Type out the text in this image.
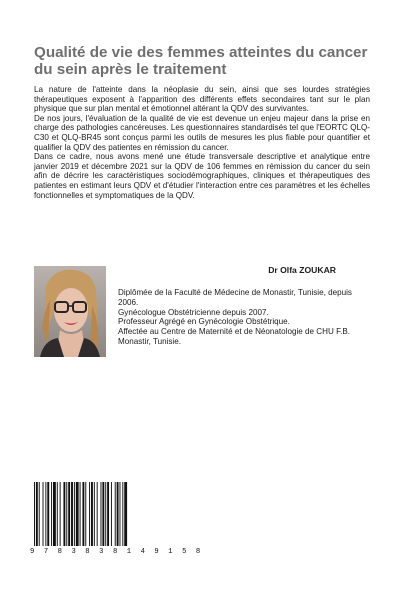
Qualité de vie des femmes atteintes du cancer du sein après le traitement

La nature de l'atteinte dans la néoplasie du sein, ainsi que ses lourdes stratégies thérapeutiques exposent à l'apparition des différents effets secondaires tant sur le plan physique que sur plan mental et émotionnel altérant la QDV des survivantes.

De nos jours, l'évaluation de la qualité de vie est devenue un enjeu majeur dans la prise en charge des pathologies cancéreuses. Les questionnaires standardisés tel que l'EORTC QLQ-C30 et QLQ-BR45 sont conçus parmi les outils de mesures les plus fiable pour quantifier et qualifier la QDV des patientes en rémission du cancer.

Dans ce cadre, nous avons mené une étude transversale descriptive et analytique entre janvier 2019 et décembre 2021 sur la QDV de 106 femmes en rémission du cancer du sein afin de décrire les caractéristiques sociodémographiques, cliniques et thérapeutiques des patientes en estimant leurs QDV et d'étudier l'interaction entre ces paramètres et les échelles fonctionnelles et symptomatiques de la QDV.

Dr Olfa ZOUKAR
Diplômée de la Faculté de Médecine de Monastir, Tunisie, depuis 2006.
Gynécologue Obstétricienne depuis 2007.
Professeur Agrégé en Gynécologie Obstétrique.
Affectée au Centre de Maternité et de Néonatologie de CHU F.B. Monastir, Tunisie.
9 7 8 3 8 3 8 1 4 9 1 5 8
